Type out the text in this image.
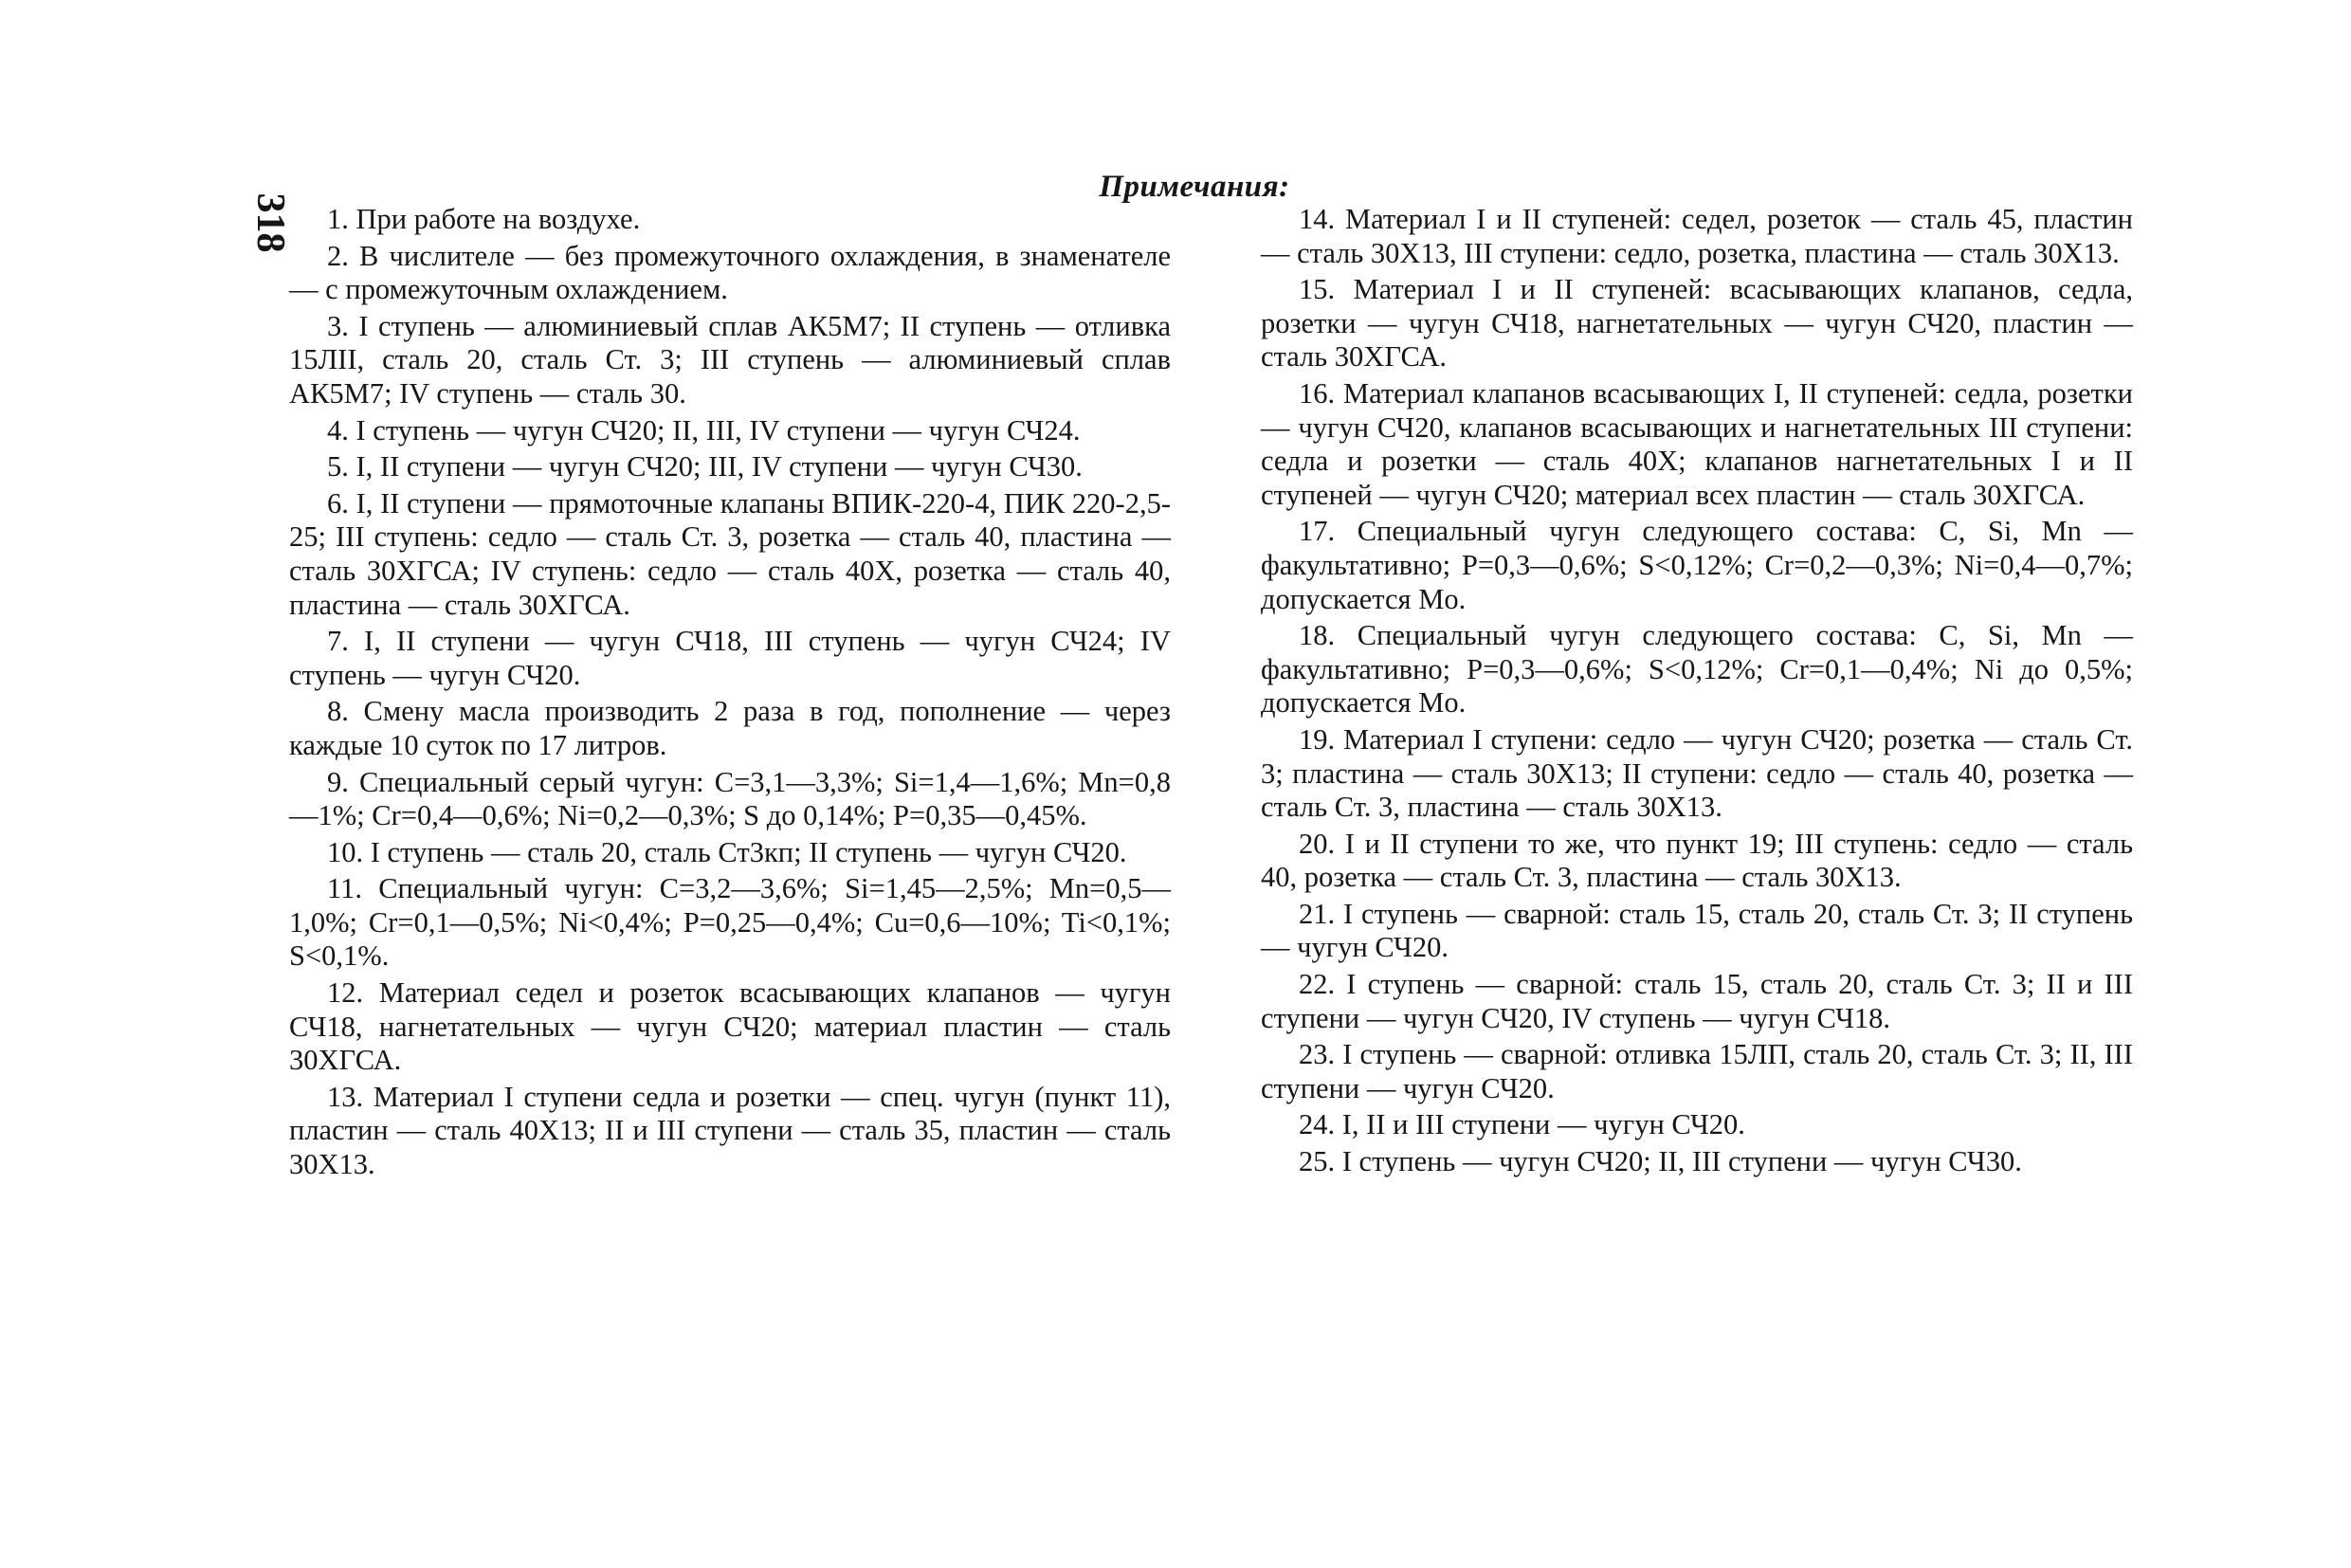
318
Примечания:

1. При работе на воздухе.

2. В числителе — без промежуточного охлаждения, в знаменателе — с промежуточным охлаждением.

3. I ступень — алюминиевый сплав АК5М7; II ступень — отливка 15ЛII, сталь 20, сталь Ст. 3; III ступень — алюминиевый сплав АК5М7; IV ступень — сталь 30.

4. I ступень — чугун СЧ20; II, III, IV ступени — чугун СЧ24.

5. I, II ступени — чугун СЧ20; III, IV ступени — чугун СЧ30.

6. I, II ступени — прямоточные клапаны ВПИК-220-4, ПИК 220-2,5-25; III ступень: седло — сталь Ст. 3, розетка — сталь 40, пластина — сталь 30ХГСА; IV ступень: седло — сталь 40Х, розетка — сталь 40, пластина — сталь 30ХГСА.

7. I, II ступени — чугун СЧ18, III ступень — чугун СЧ24; IV ступень — чугун СЧ20.

8. Смену масла производить 2 раза в год, пополнение — через каждые 10 суток по 17 литров.

9. Специальный серый чугун: C=3,1—3,3%; Si=1,4—1,6%; Mn=0,8—1%; Cr=0,4—0,6%; Ni=0,2—0,3%; S до 0,14%; P=0,35—0,45%.

10. I ступень — сталь 20, сталь Ст3кп; II ступень — чугун СЧ20.

11. Специальный чугун: C=3,2—3,6%; Si=1,45—2,5%; Mn=0,5—1,0%; Cr=0,1—0,5%; Ni<0,4%; P=0,25—0,4%; Cu=0,6—10%; Ti<0,1%; S<0,1%.

12. Материал седел и розеток всасывающих клапанов — чугун СЧ18, нагнетательных — чугун СЧ20; материал пластин — сталь 30ХГСА.

13. Материал I ступени седла и розетки — спец. чугун (пункт 11), пластин — сталь 40Х13; II и III ступени — сталь 35, пластин — сталь 30Х13.

14. Материал I и II ступеней: седел, розеток — сталь 45, пластин — сталь 30Х13, III ступени: седло, розетка, пластина — сталь 30Х13.

15. Материал I и II ступеней: всасывающих клапанов, седла, розетки — чугун СЧ18, нагнетательных — чугун СЧ20, пластин — сталь 30ХГСА.

16. Материал клапанов всасывающих I, II ступеней: седла, розетки — чугун СЧ20, клапанов всасывающих и нагнетательных III ступени: седла и розетки — сталь 40Х; клапанов нагнетательных I и II ступеней — чугун СЧ20; материал всех пластин — сталь 30ХГСА.

17. Специальный чугун следующего состава: C, Si, Mn — факультативно; P=0,3—0,6%; S<0,12%; Cr=0,2—0,3%; Ni=0,4—0,7%; допускается Mo.

18. Специальный чугун следующего состава: C, Si, Mn — факультативно; P=0,3—0,6%; S<0,12%; Cr=0,1—0,4%; Ni до 0,5%; допускается Mo.

19. Материал I ступени: седло — чугун СЧ20; розетка — сталь Ст. 3; пластина — сталь 30Х13; II ступени: седло — сталь 40, розетка — сталь Ст. 3, пластина — сталь 30Х13.

20. I и II ступени то же, что пункт 19; III ступень: седло — сталь 40, розетка — сталь Ст. 3, пластина — сталь 30Х13.

21. I ступень — сварной: сталь 15, сталь 20, сталь Ст. 3; II ступень — чугун СЧ20.

22. I ступень — сварной: сталь 15, сталь 20, сталь Ст. 3; II и III ступени — чугун СЧ20, IV ступень — чугун СЧ18.

23. I ступень — сварной: отливка 15ЛП, сталь 20, сталь Ст. 3; II, III ступени — чугун СЧ20.

24. I, II и III ступени — чугун СЧ20.

25. I ступень — чугун СЧ20; II, III ступени — чугун СЧ30.
